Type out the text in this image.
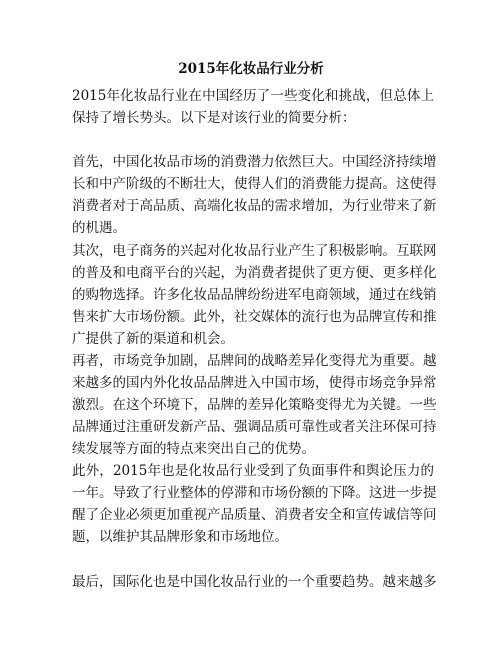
2015年化妆品行业分析

2015年化妆品行业在中国经历了一些变化和挑战，但总体上
保持了增长势头。以下是对该行业的简要分析：

首先，中国化妆品市场的消费潜力依然巨大。中国经济持续增
长和中产阶级的不断壮大，使得人们的消费能力提高。这使得
消费者对于高品质、高端化妆品的需求增加，为行业带来了新
的机遇。

其次，电子商务的兴起对化妆品行业产生了积极影响。互联网
的普及和电商平台的兴起，为消费者提供了更方便、更多样化
的购物选择。许多化妆品品牌纷纷进军电商领域，通过在线销
售来扩大市场份额。此外，社交媒体的流行也为品牌宣传和推
广提供了新的渠道和机会。

再者，市场竞争加剧，品牌间的战略差异化变得尤为重要。越
来越多的国内外化妆品品牌进入中国市场，使得市场竞争异常
激烈。在这个环境下，品牌的差异化策略变得尤为关键。一些
品牌通过注重研发新产品、强调品质可靠性或者关注环保可持
续发展等方面的特点来突出自己的优势。

此外，2015年也是化妆品行业受到了负面事件和舆论压力的
一年。导致了行业整体的停滞和市场份额的下降。这进一步提
醒了企业必须更加重视产品质量、消费者安全和宣传诚信等问
题，以维护其品牌形象和市场地位。

最后，国际化也是中国化妆品行业的一个重要趋势。越来越多
